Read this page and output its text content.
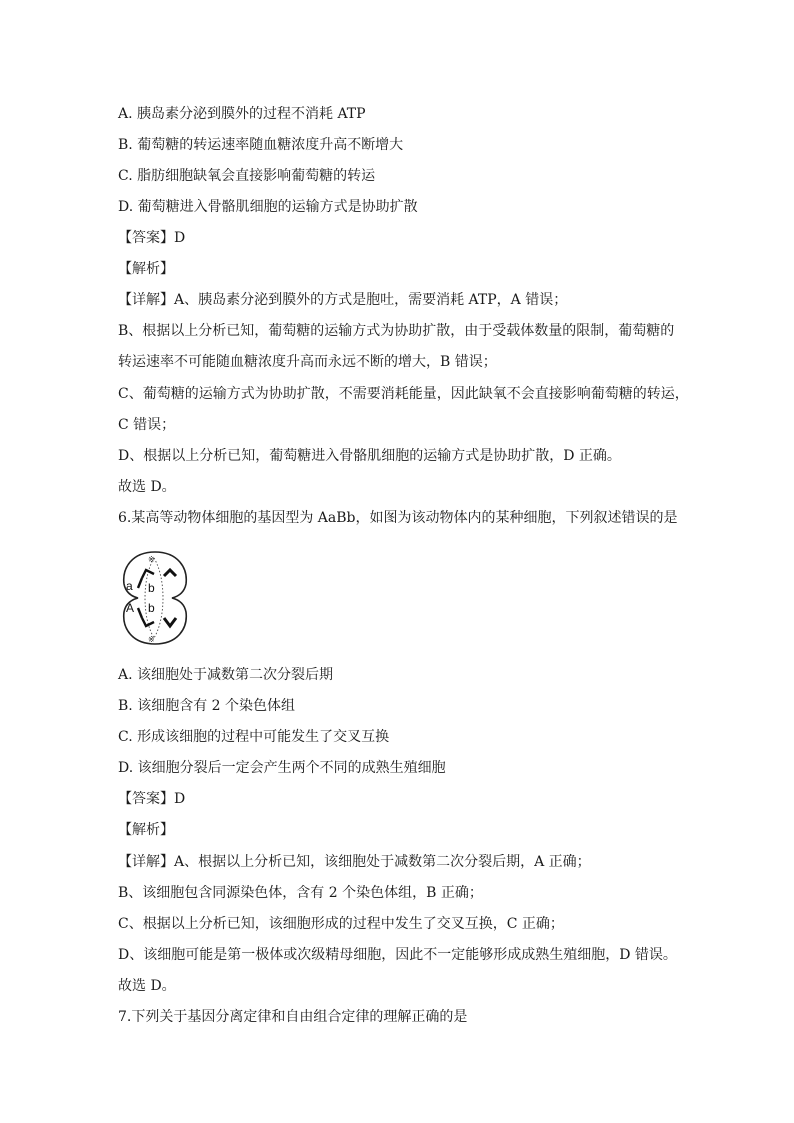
A. 胰岛素分泌到膜外的过程不消耗 ATP
B. 葡萄糖的转运速率随血糖浓度升高不断增大
C. 脂肪细胞缺氧会直接影响葡萄糖的转运
D. 葡萄糖进入骨骼肌细胞的运输方式是协助扩散
【答案】D
【解析】
【详解】A、胰岛素分泌到膜外的方式是胞吐，需要消耗 ATP，A 错误；
B、根据以上分析已知，葡萄糖的运输方式为协助扩散，由于受载体数量的限制，葡萄糖的
转运速率不可能随血糖浓度升高而永远不断的增大，B 错误；
C、葡萄糖的运输方式为协助扩散，不需要消耗能量，因此缺氧不会直接影响葡萄糖的转运，
C 错误；
D、根据以上分析已知，葡萄糖进入骨骼肌细胞的运输方式是协助扩散，D 正确。
故选 D。
6.某高等动物体细胞的基因型为 AaBb，如图为该动物体内的某种细胞，下列叙述错误的是
※
※
a b
A b
A. 该细胞处于减数第二次分裂后期
B. 该细胞含有 2 个染色体组
C. 形成该细胞的过程中可能发生了交叉互换
D. 该细胞分裂后一定会产生两个不同的成熟生殖细胞
【答案】D
【解析】
【详解】A、根据以上分析已知，该细胞处于减数第二次分裂后期，A 正确；
B、该细胞包含同源染色体，含有 2 个染色体组，B 正确；
C、根据以上分析已知，该细胞形成的过程中发生了交叉互换，C 正确；
D、该细胞可能是第一极体或次级精母细胞，因此不一定能够形成成熟生殖细胞，D 错误。
故选 D。
7.下列关于基因分离定律和自由组合定律的理解正确的是
